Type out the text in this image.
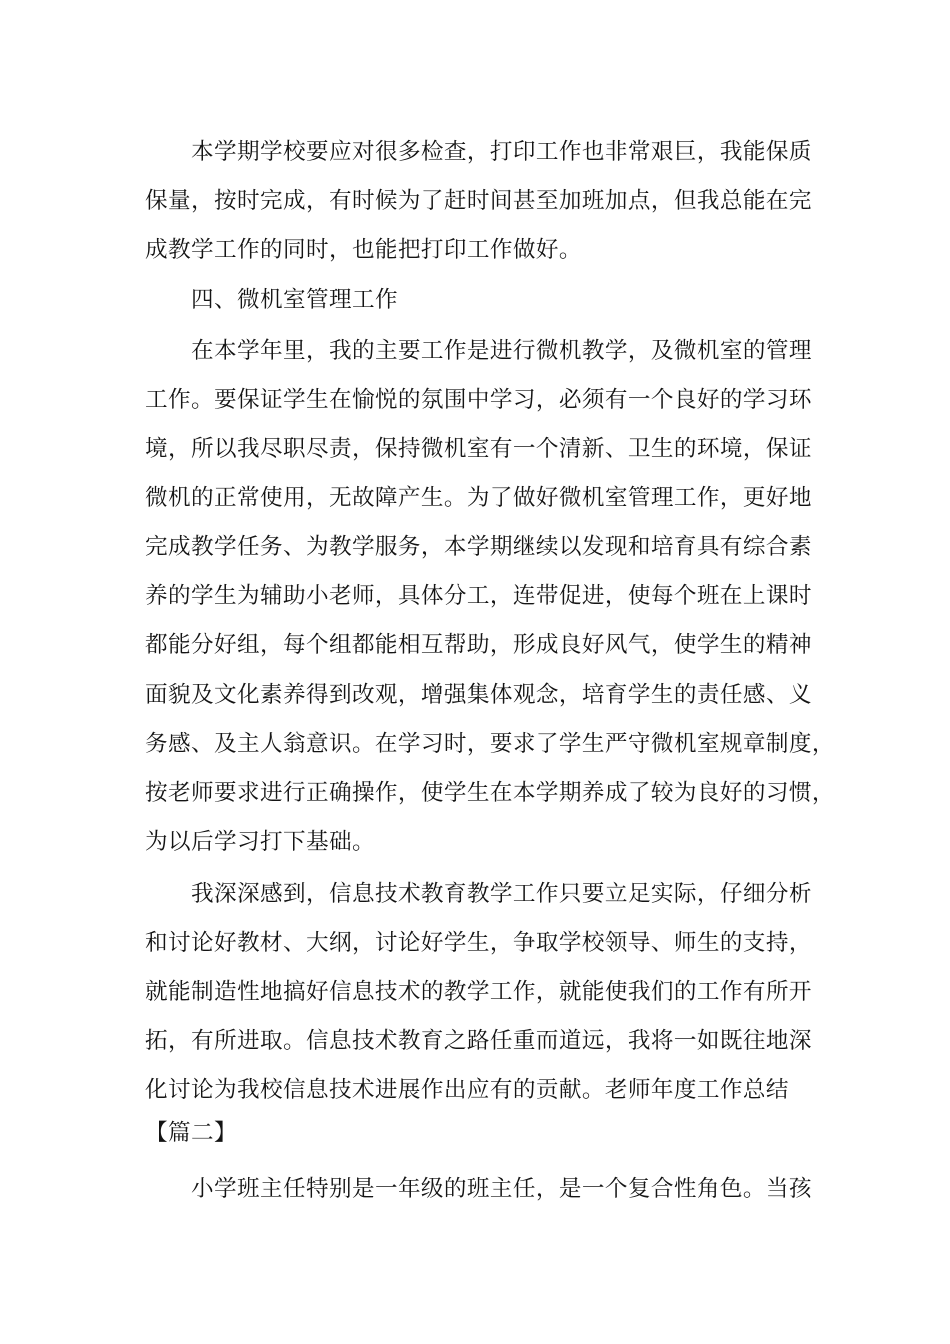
本学期学校要应对很多检查，打印工作也非常艰巨，我能保质
保量，按时完成，有时候为了赶时间甚至加班加点，但我总能在完
成教学工作的同时，也能把打印工作做好。
四、微机室管理工作
在本学年里，我的主要工作是进行微机教学，及微机室的管理
工作。要保证学生在愉悦的氛围中学习，必须有一个良好的学习环
境，所以我尽职尽责，保持微机室有一个清新、卫生的环境，保证
微机的正常使用，无故障产生。为了做好微机室管理工作，更好地
完成教学任务、为教学服务，本学期继续以发现和培育具有综合素
养的学生为辅助小老师，具体分工，连带促进，使每个班在上课时
都能分好组，每个组都能相互帮助，形成良好风气，使学生的精神
面貌及文化素养得到改观，增强集体观念，培育学生的责任感、义
务感、及主人翁意识。在学习时，要求了学生严守微机室规章制度，
按老师要求进行正确操作，使学生在本学期养成了较为良好的习惯，
为以后学习打下基础。
我深深感到，信息技术教育教学工作只要立足实际，仔细分析
和讨论好教材、大纲，讨论好学生，争取学校领导、师生的支持，
就能制造性地搞好信息技术的教学工作，就能使我们的工作有所开
拓，有所进取。信息技术教育之路任重而道远，我将一如既往地深
化讨论为我校信息技术进展作出应有的贡献。老师年度工作总结
【篇二】
小学班主任特别是一年级的班主任，是一个复合性角色。当孩
